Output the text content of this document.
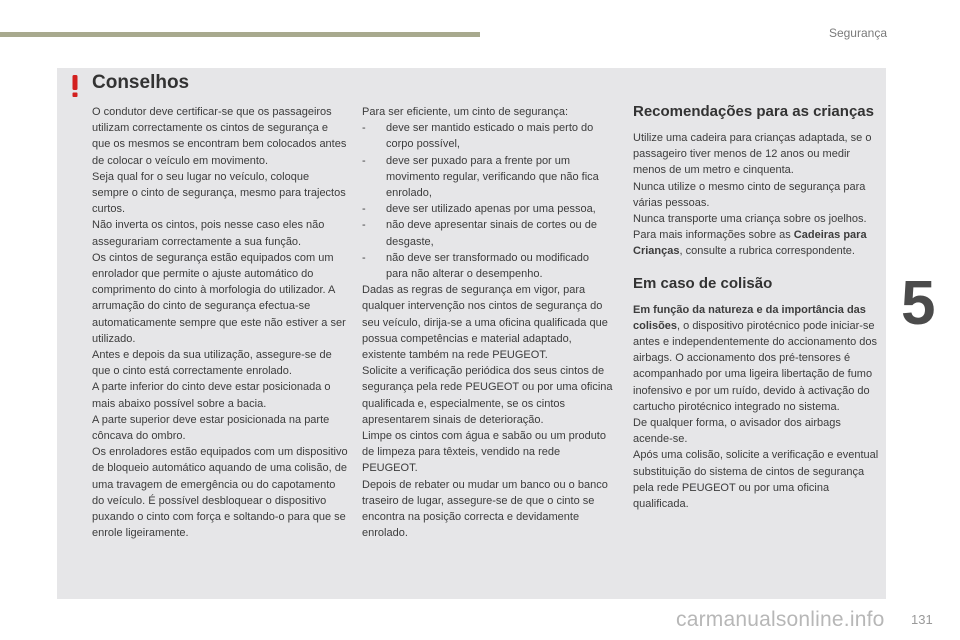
Segurança
5
Conselhos

O condutor deve certificar-se que os passageiros utilizam correctamente os cintos de segurança e que os mesmos se encontram bem colocados antes de colocar o veículo em movimento.

Seja qual for o seu lugar no veículo, coloque sempre o cinto de segurança, mesmo para trajectos curtos.

Não inverta os cintos, pois nesse caso eles não assegurariam correctamente a sua função.

Os cintos de segurança estão equipados com um enrolador que permite o ajuste automático do comprimento do cinto à morfologia do utilizador. A arrumação do cinto de segurança efectua-se automaticamente sempre que este não estiver a ser utilizado.

Antes e depois da sua utilização, assegure-se de que o cinto está correctamente enrolado.

A parte inferior do cinto deve estar posicionada o mais abaixo possível sobre a bacia.

A parte superior deve estar posicionada na parte côncava do ombro.

Os enroladores estão equipados com um dispositivo de bloqueio automático aquando de uma colisão, de uma travagem de emergência ou do capotamento do veículo. É possível desbloquear o dispositivo puxando o cinto com força e soltando-o para que se enrole ligeiramente.

Para ser eficiente, um cinto de segurança:

-	deve ser mantido esticado o mais perto do corpo possível,
-	deve ser puxado para a frente por um movimento regular, verificando que não fica enrolado,
-	deve ser utilizado apenas por uma pessoa,
-	não deve apresentar sinais de cortes ou de desgaste,
-	não deve ser transformado ou modificado para não alterar o desempenho.

Dadas as regras de segurança em vigor, para qualquer intervenção nos cintos de segurança do seu veículo, dirija-se a uma oficina qualificada que possua competências e material adaptado, existente também na rede PEUGEOT.

Solicite a verificação periódica dos seus cintos de segurança pela rede PEUGEOT ou por uma oficina qualificada e, especialmente, se os cintos apresentarem sinais de deterioração.

Limpe os cintos com água e sabão ou um produto de limpeza para têxteis, vendido na rede PEUGEOT.

Depois de rebater ou mudar um banco ou o banco traseiro de lugar, assegure-se de que o cinto se encontra na posição correcta e devidamente enrolado.

Recomendações para as crianças

Utilize uma cadeira para crianças adaptada, se o passageiro tiver menos de 12 anos ou medir menos de um metro e cinquenta.

Nunca utilize o mesmo cinto de segurança para várias pessoas.

Nunca transporte uma criança sobre os joelhos.

Para mais informações sobre as Cadeiras para Crianças, consulte a rubrica correspondente.

Em caso de colisão

Em função da natureza e da importância das colisões, o dispositivo pirotécnico pode iniciar-se antes e independentemente do accionamento dos airbags. O accionamento dos pré-tensores é acompanhado por uma ligeira libertação de fumo inofensivo e por um ruído, devido à activação do cartucho pirotécnico integrado no sistema.

De qualquer forma, o avisador dos airbags acende-se.

Após uma colisão, solicite a verificação e eventual substituição do sistema de cintos de segurança pela rede PEUGEOT ou por uma oficina qualificada.

131
carmanualsonline.info
